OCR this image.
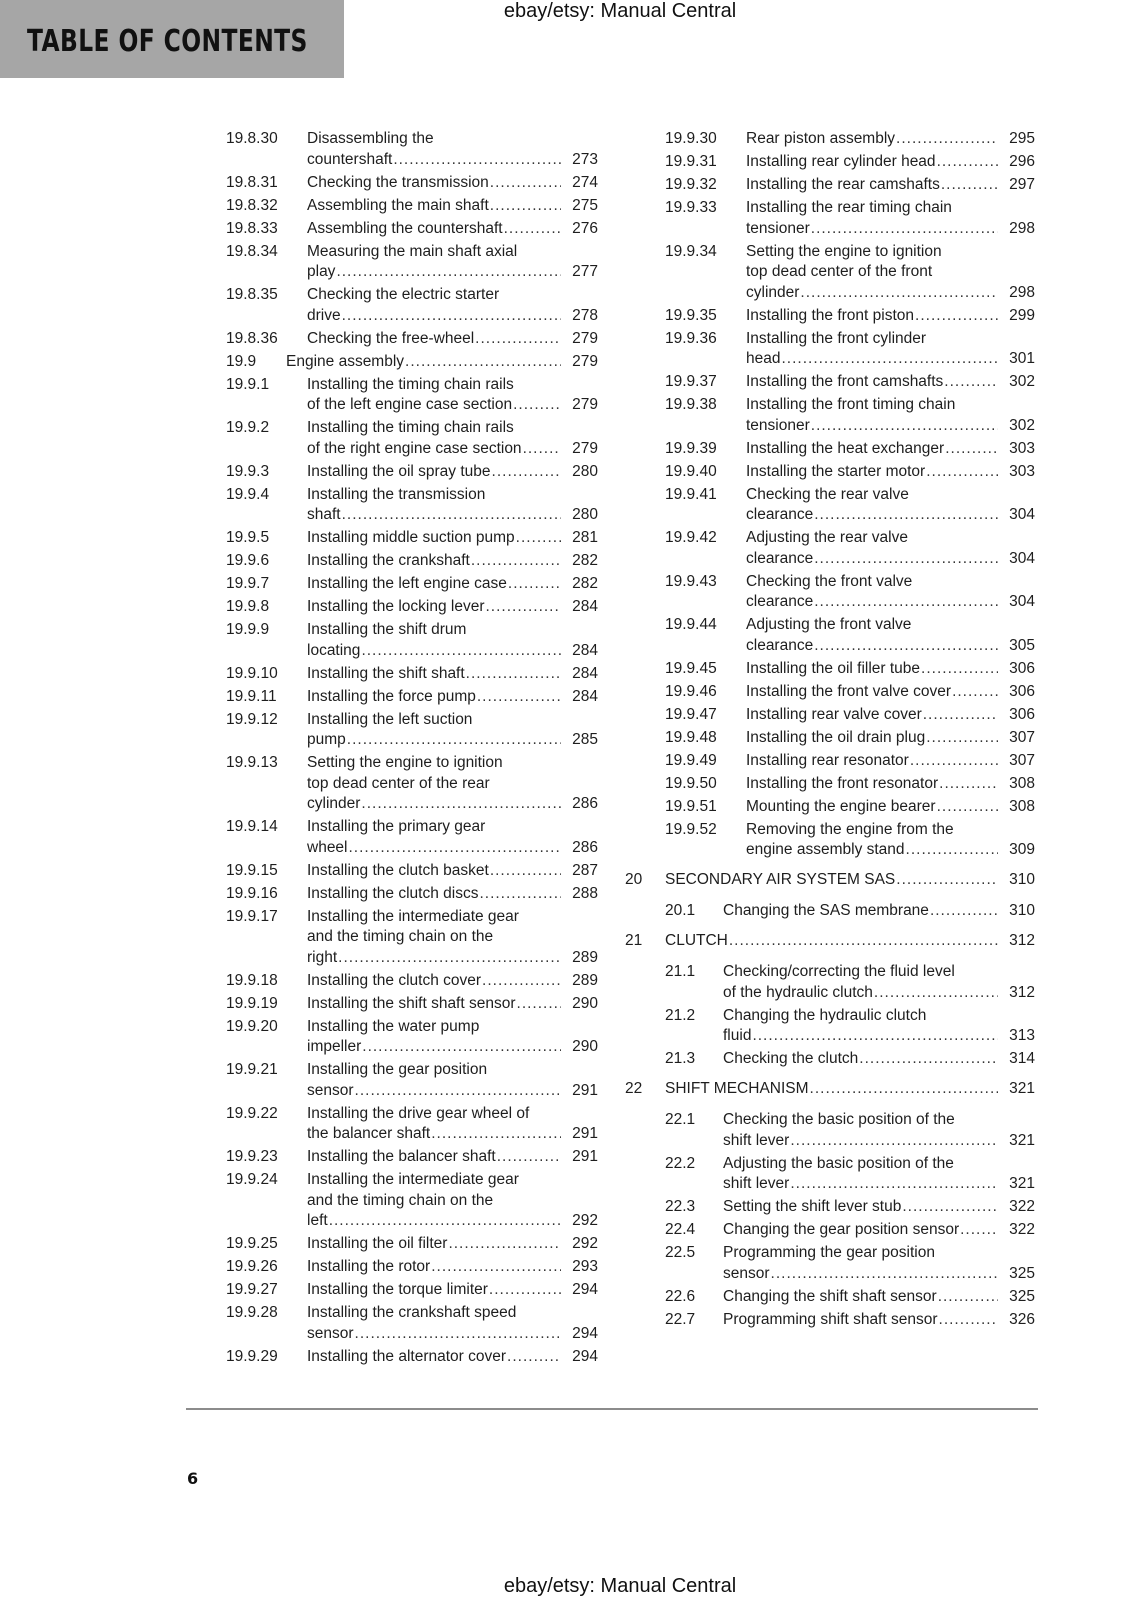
TABLE OF CONTENTS
ebay/etsy: Manual Central
19.8.30 Disassembling the
countershaft .....	273
19.8.31 Checking the transmission .....	274
19.8.32 Assembling the main shaft .....	275
19.8.33 Assembling the countershaft .....	276
19.8.34 Measuring the main shaft axial
play .....	277
19.8.35 Checking the electric starter
drive .....	278
19.8.36 Checking the free-wheel .....	279
19.9 Engine assembly .....	279
19.9.1 Installing the timing chain rails
of the left engine case section .....	279
19.9.2 Installing the timing chain rails
of the right engine case section .....	279
19.9.3 Installing the oil spray tube .....	280
19.9.4 Installing the transmission
shaft .....	280
19.9.5 Installing middle suction pump .....	281
19.9.6 Installing the crankshaft .....	282
19.9.7 Installing the left engine case .....	282
19.9.8 Installing the locking lever .....	284
19.9.9 Installing the shift drum
locating .....	284
19.9.10 Installing the shift shaft .....	284
19.9.11 Installing the force pump .....	284
19.9.12 Installing the left suction
pump .....	285
19.9.13 Setting the engine to ignition
top dead center of the rear
cylinder .....	286
19.9.14 Installing the primary gear
wheel .....	286
19.9.15 Installing the clutch basket .....	287
19.9.16 Installing the clutch discs .....	288
19.9.17 Installing the intermediate gear
and the timing chain on the
right .....	289
19.9.18 Installing the clutch cover .....	289
19.9.19 Installing the shift shaft sensor .....	290
19.9.20 Installing the water pump
impeller .....	290
19.9.21 Installing the gear position
sensor .....	291
19.9.22 Installing the drive gear wheel of
the balancer shaft .....	291
19.9.23 Installing the balancer shaft .....	291
19.9.24 Installing the intermediate gear
and the timing chain on the
left .....	292
19.9.25 Installing the oil filter .....	292
19.9.26 Installing the rotor .....	293
19.9.27 Installing the torque limiter .....	294
19.9.28 Installing the crankshaft speed
sensor .....	294
19.9.29 Installing the alternator cover .....	294
19.9.30 Rear piston assembly .....	295
19.9.31 Installing rear cylinder head .....	296
19.9.32 Installing the rear camshafts .....	297
19.9.33 Installing the rear timing chain
tensioner .....	298
19.9.34 Setting the engine to ignition
top dead center of the front
cylinder .....	298
19.9.35 Installing the front piston .....	299
19.9.36 Installing the front cylinder
head .....	301
19.9.37 Installing the front camshafts .....	302
19.9.38 Installing the front timing chain
tensioner .....	302
19.9.39 Installing the heat exchanger .....	303
19.9.40 Installing the starter motor .....	303
19.9.41 Checking the rear valve
clearance .....	304
19.9.42 Adjusting the rear valve
clearance .....	304
19.9.43 Checking the front valve
clearance .....	304
19.9.44 Adjusting the front valve
clearance .....	305
19.9.45 Installing the oil filler tube .....	306
19.9.46 Installing the front valve cover .....	306
19.9.47 Installing rear valve cover .....	306
19.9.48 Installing the oil drain plug .....	307
19.9.49 Installing rear resonator .....	307
19.9.50 Installing the front resonator .....	308
19.9.51 Mounting the engine bearer .....	308
19.9.52 Removing the engine from the
engine assembly stand .....	309
20 SECONDARY AIR SYSTEM SAS .....	310
20.1 Changing the SAS membrane .....	310
21 CLUTCH .....	312
21.1 Checking/correcting the fluid level
of the hydraulic clutch .....	312
21.2 Changing the hydraulic clutch
fluid .....	313
21.3 Checking the clutch .....	314
22 SHIFT MECHANISM .....	321
22.1 Checking the basic position of the
shift lever .....	321
22.2 Adjusting the basic position of the
shift lever .....	321
22.3 Setting the shift lever stub .....	322
22.4 Changing the gear position sensor .....	322
22.5 Programming the gear position
sensor .....	325
22.6 Changing the shift shaft sensor .....	325
22.7 Programming shift shaft sensor .....	326
6
ebay/etsy: Manual Central
